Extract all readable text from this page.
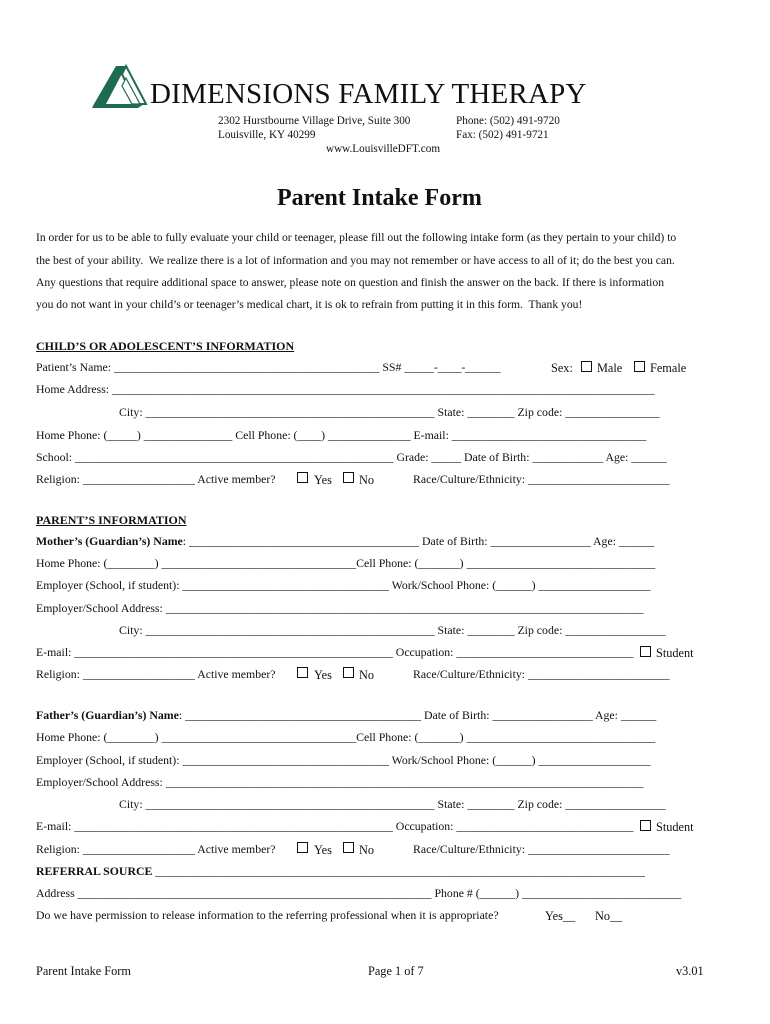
DIMENSIONS FAMILY THERAPY
2302 Hurstbourne Village Drive, Suite 300
Louisville, KY 40299
Phone: (502) 491-9720
Fax: (502) 491-9721
www.LouisvilleDFT.com
Parent Intake Form
In order for us to be able to fully evaluate your child or teenager, please fill out the following intake form (as they pertain to your child) to
the best of your ability.  We realize there is a lot of information and you may not remember or have access to all of it; do the best you can.
Any questions that require additional space to answer, please note on question and finish the answer on the back. If there is information
you do not want in your child’s or teenager’s medical chart, it is ok to refrain from putting it in this form.  Thank you!
CHILD’S OR ADOLESCENT’S INFORMATION
Patient’s Name: _____________________________________________ SS# _____-____-______	Sex: Male Female
Home Address: ____________________________________________________________________________________________
City: _________________________________________________ State: ________ Zip code: ________________
Home Phone: (_____) _______________ Cell Phone: (____) ______________ E-mail: _________________________________
School: ______________________________________________________ Grade: _____ Date of Birth: ____________ Age: ______
Religion: ___________________ Active member?	Yes No	Race/Culture/Ethnicity: ________________________
PARENT’S INFORMATION
Mother’s (Guardian’s) Name: _______________________________________ Date of Birth: _________________ Age: ______
Home Phone: (________) _________________________________Cell Phone: (_______) ________________________________
Employer (School, if student): ___________________________________ Work/School Phone: (______) ___________________
Employer/School Address: _________________________________________________________________________________
City: _________________________________________________ State: ________ Zip code: _________________
E-mail: ______________________________________________________ Occupation: ______________________________ Student
Religion: ___________________ Active member?	Yes No	Race/Culture/Ethnicity: ________________________
Father’s (Guardian’s) Name: ________________________________________ Date of Birth: _________________ Age: ______
Home Phone: (________) _________________________________Cell Phone: (_______) ________________________________
Employer (School, if student): ___________________________________ Work/School Phone: (______) ___________________
Employer/School Address: _________________________________________________________________________________
City: _________________________________________________ State: ________ Zip code: _________________
E-mail: ______________________________________________________ Occupation: ______________________________ Student
Religion: ___________________ Active member?	Yes No	Race/Culture/Ethnicity: ________________________
REFERRAL SOURCE ___________________________________________________________________________________
Address ____________________________________________________________ Phone # (______) ___________________________
Do we have permission to release information to the referring professional when it is appropriate?	Yes__ No__
Parent Intake Form	Page 1 of 7	v3.01
